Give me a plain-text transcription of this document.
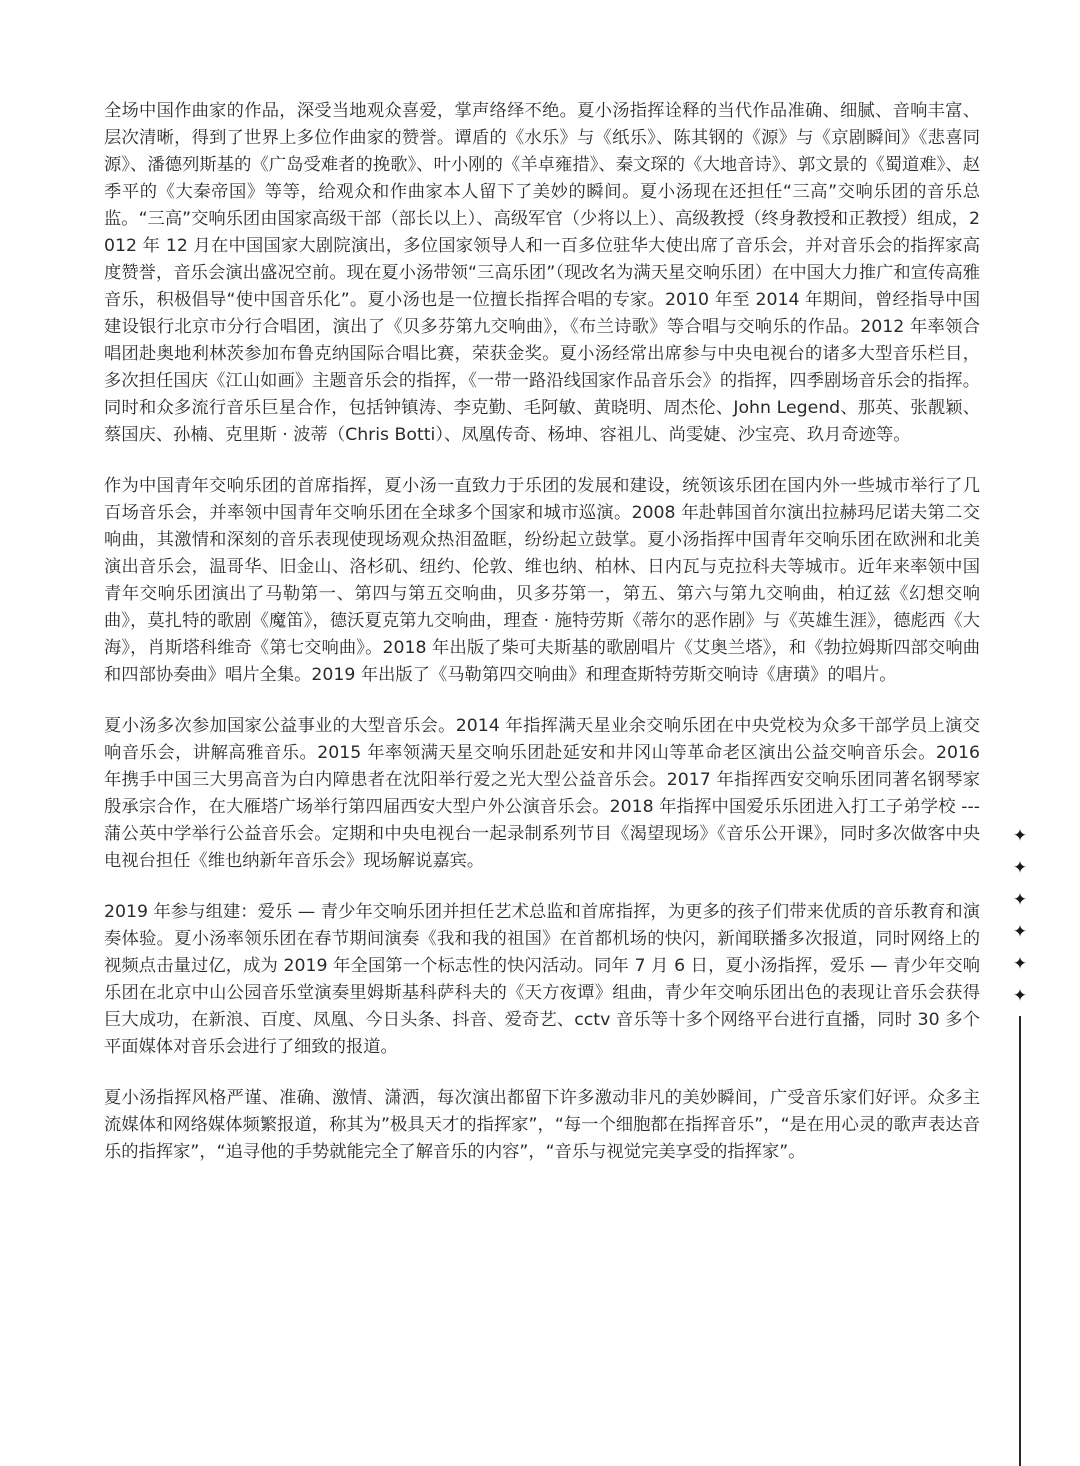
全场中国作曲家的作品，深受当地观众喜爱，掌声络绎不绝。夏小汤指挥诠释的当代作品准确、细腻、音响丰富、层次清晰，得到了世界上多位作曲家的赞誉。谭盾的《水乐》与《纸乐》、陈其钢的《源》与《京剧瞬间》《悲喜同源》、潘德列斯基的《广岛受难者的挽歌》、叶小刚的《羊卓雍措》、秦文琛的《大地音诗》、郭文景的《蜀道难》、赵季平的《大秦帝国》等等，给观众和作曲家本人留下了美妙的瞬间。夏小汤现在还担任“三高”交响乐团的音乐总监。“三高”交响乐团由国家高级干部（部长以上）、高级军官（少将以上）、高级教授（终身教授和正教授）组成，2012 年 12 月在中国国家大剧院演出，多位国家领导人和一百多位驻华大使出席了音乐会，并对音乐会的指挥家高度赞誉，音乐会演出盛况空前。现在夏小汤带领“三高乐团”（现改名为满天星交响乐团）在中国大力推广和宣传高雅音乐，积极倡导“使中国音乐化”。夏小汤也是一位擅长指挥合唱的专家。2010 年至 2014 年期间，曾经指导中国建设银行北京市分行合唱团，演出了《贝多芬第九交响曲》，《布兰诗歌》等合唱与交响乐的作品。2012 年率领合唱团赴奥地利林茨参加布鲁克纳国际合唱比赛，荣获金奖。夏小汤经常出席参与中央电视台的诸多大型音乐栏目，多次担任国庆《江山如画》主题音乐会的指挥，《一带一路沿线国家作品音乐会》的指挥，四季剧场音乐会的指挥。同时和众多流行音乐巨星合作，包括钟镇涛、李克勤、毛阿敏、黄晓明、周杰伦、John Legend、那英、张靓颖、蔡国庆、孙楠、克里斯 · 波蒂（Chris Botti）、凤凰传奇、杨坤、容祖儿、尚雯婕、沙宝亮、玖月奇迹等。

作为中国青年交响乐团的首席指挥，夏小汤一直致力于乐团的发展和建设，统领该乐团在国内外一些城市举行了几百场音乐会，并率领中国青年交响乐团在全球多个国家和城市巡演。2008 年赴韩国首尔演出拉赫玛尼诺夫第二交响曲，其激情和深刻的音乐表现使现场观众热泪盈眶，纷纷起立鼓掌。夏小汤指挥中国青年交响乐团在欧洲和北美演出音乐会，温哥华、旧金山、洛杉矶、纽约、伦敦、维也纳、柏林、日内瓦与克拉科夫等城市。近年来率领中国青年交响乐团演出了马勒第一、第四与第五交响曲，贝多芬第一，第五、第六与第九交响曲，柏辽兹《幻想交响曲》，莫扎特的歌剧《魔笛》，德沃夏克第九交响曲，理查 · 施特劳斯《蒂尔的恶作剧》与《英雄生涯》，德彪西《大海》，肖斯塔科维奇《第七交响曲》。2018 年出版了柴可夫斯基的歌剧唱片《艾奥兰塔》，和《勃拉姆斯四部交响曲和四部协奏曲》唱片全集。2019 年出版了《马勒第四交响曲》和理查斯特劳斯交响诗《唐璜》的唱片。

夏小汤多次参加国家公益事业的大型音乐会。2014 年指挥满天星业余交响乐团在中央党校为众多干部学员上演交响音乐会，讲解高雅音乐。2015 年率领满天星交响乐团赴延安和井冈山等革命老区演出公益交响音乐会。2016 年携手中国三大男高音为白内障患者在沈阳举行爱之光大型公益音乐会。2017 年指挥西安交响乐团同著名钢琴家殷承宗合作，在大雁塔广场举行第四届西安大型户外公演音乐会。2018 年指挥中国爱乐乐团进入打工子弟学校 --- 蒲公英中学举行公益音乐会。定期和中央电视台一起录制系列节目《渴望现场》《音乐公开课》，同时多次做客中央电视台担任《维也纳新年音乐会》现场解说嘉宾。

2019 年参与组建：爱乐 — 青少年交响乐团并担任艺术总监和首席指挥，为更多的孩子们带来优质的音乐教育和演奏体验。夏小汤率领乐团在春节期间演奏《我和我的祖国》在首都机场的快闪，新闻联播多次报道，同时网络上的视频点击量过亿，成为 2019 年全国第一个标志性的快闪活动。同年 7 月 6 日，夏小汤指挥，爱乐 — 青少年交响乐团在北京中山公园音乐堂演奏里姆斯基科萨科夫的《天方夜谭》组曲，青少年交响乐团出色的表现让音乐会获得巨大成功，在新浪、百度、凤凰、今日头条、抖音、爱奇艺、cctv 音乐等十多个网络平台进行直播，同时 30 多个平面媒体对音乐会进行了细致的报道。

夏小汤指挥风格严谨、准确、激情、潇洒，每次演出都留下许多激动非凡的美妙瞬间，广受音乐家们好评。众多主流媒体和网络媒体频繁报道，称其为”极具天才的指挥家”，“每一个细胞都在指挥音乐”，“是在用心灵的歌声表达音乐的指挥家”，“追寻他的手势就能完全了解音乐的内容”，“音乐与视觉完美享受的指挥家”。

✦
✦
✦
✦
✦
✦
